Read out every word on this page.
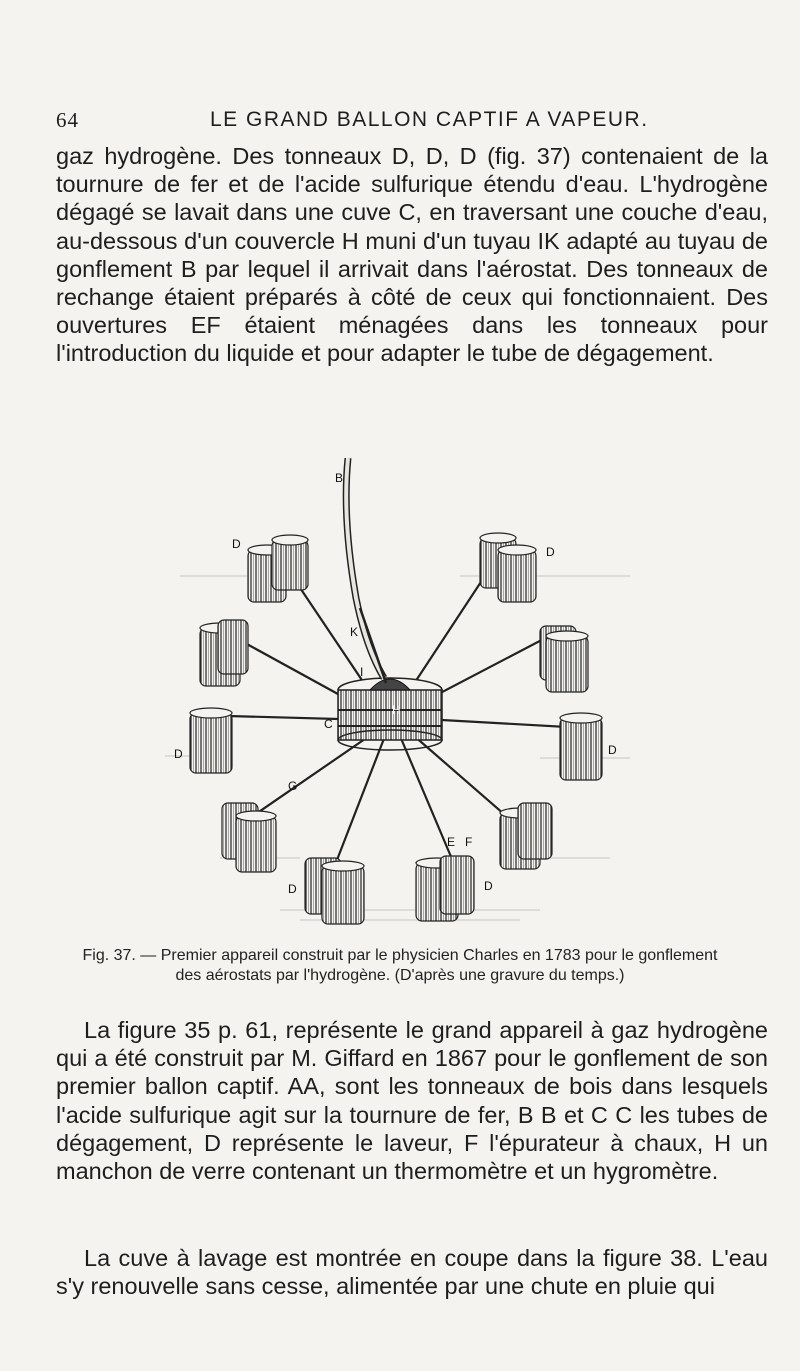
64	LE GRAND BALLON CAPTIF A VAPEUR.

gaz hydrogène. Des tonneaux D, D, D (fig. 37) contenaient de la tournure de fer et de l'acide sulfurique étendu d'eau. L'hydrogène dégagé se lavait dans une cuve C, en traversant une couche d'eau, au-dessous d'un couvercle H muni d'un tuyau IK adapté au tuyau de gonflement B par lequel il arrivait dans l'aérostat. Des tonneaux de rechange étaient préparés à côté de ceux qui fonctionnaient. Des ouvertures EF étaient ménagées dans les tonneaux pour l'introduction du liquide et pour adapter le tube de dégagement.

B
K
I
H
C
G
E F
D
D
D	D
D	D

Fig. 37. — Premier appareil construit par le physicien Charles en 1783 pour le gonflement des aérostats par l'hydrogène. (D'après une gravure du temps.)

La figure 35 p. 61, représente le grand appareil à gaz hydrogène qui a été construit par M. Giffard en 1867 pour le gonflement de son premier ballon captif. AA, sont les tonneaux de bois dans lesquels l'acide sulfurique agit sur la tournure de fer, B B et C C les tubes de dégagement, D représente le laveur, F l'épurateur à chaux, H un manchon de verre contenant un thermomètre et un hygromètre.

La cuve à lavage est montrée en coupe dans la figure 38. L'eau s'y renouvelle sans cesse, alimentée par une chute en pluie qui
